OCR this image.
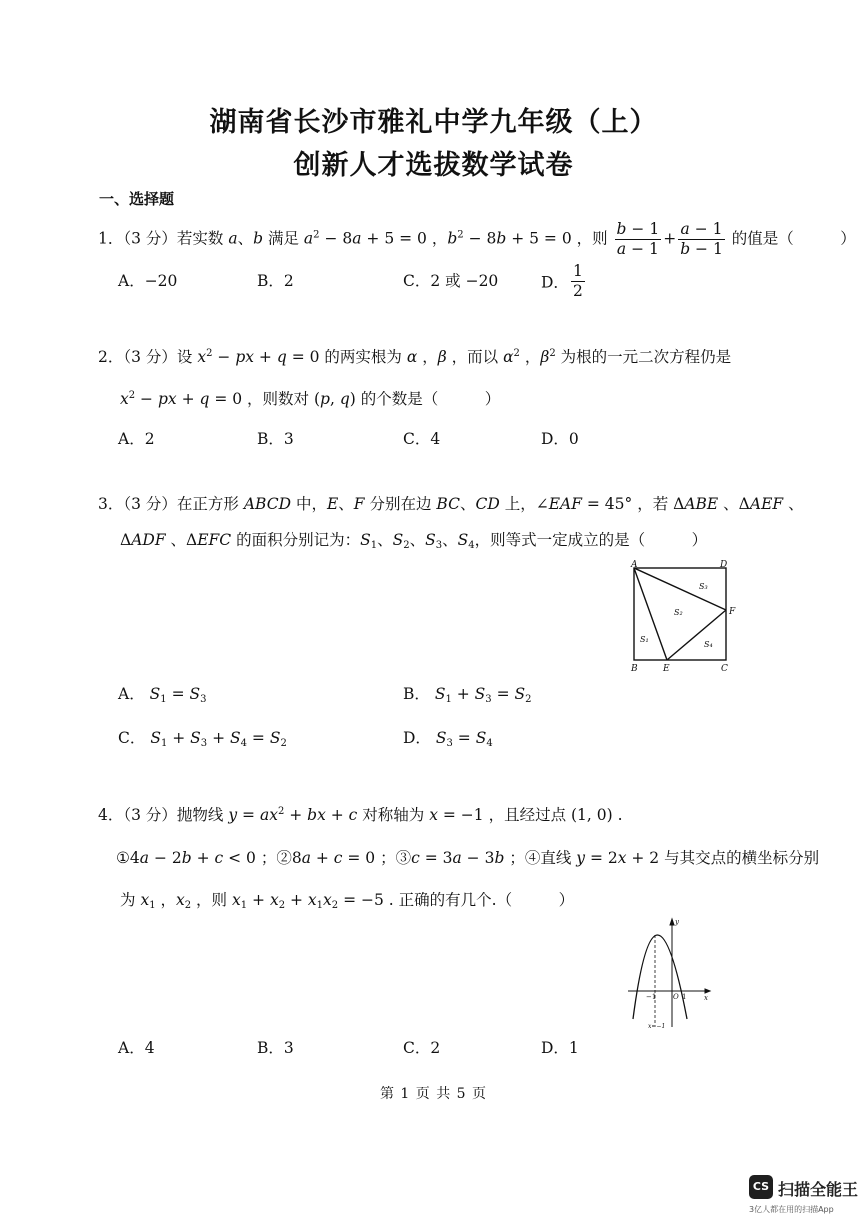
湖南省长沙市雅礼中学九年级（上）
创新人才选拔数学试卷
一、选择题
1．（3 分）若实数 a、b 满足 $a^2 - 8a + 5 = 0$ ，$b^2 - 8b + 5 = 0$ ，则 $\frac{b - 1}{a - 1} + \frac{a - 1}{b - 1}$ 的值是（　　　）
A．−20	B．2	C．2 或 −20	D． $\frac{1}{2}$
2．（3 分）设 $x^2$ − px + q = 0 的两实根为 α ，β ，而以 $\alpha^2$ ，$\beta^2$ 为根的一元二次方程仍是
$x^2$ − px + q = 0 ，则数对 (p, q) 的个数是（　　　）
A．2	B．3	C．4	D．0
3．（3 分）在正方形 ABCD 中，E、F 分别在边 BC、CD 上，∠EAF = 45° ，若 ΔABE 、ΔAEF 、
ΔADF 、ΔEFC 的面积分别记为：$S_1$、$S_2$、$S_3$、$S_4$，则等式一定成立的是（　　　）
A	D
B	E	C
F
S₁
S₂
S₃
S₄
A． $S_1 = S_3$	B． $S_1 + S_3 = S_2$
C． $S_1 + S_3 + S_4 = S_2$	D． $S_3 = S_4$
4．（3 分）抛物线 $y = ax^2$ + bx + c 对称轴为 x = −1 ，且经过点 (1, 0) .
①4a − 2b + c < 0 ；②8a + c = 0 ；③c = 3a − 3b ；④直线 y = 2x + 2 与其交点的横坐标分别
为 $x_1$ ，$x_2$ ，则 $x_1 + x_2 + x_1x_2 = -5$ . 正确的有几个.（　　　）
y
x
−1 O 1
x=−1
A．4	B．3	C．2	D．1
第 1 页 共 5 页
CS 扫描全能王
3亿人都在用的扫描App
